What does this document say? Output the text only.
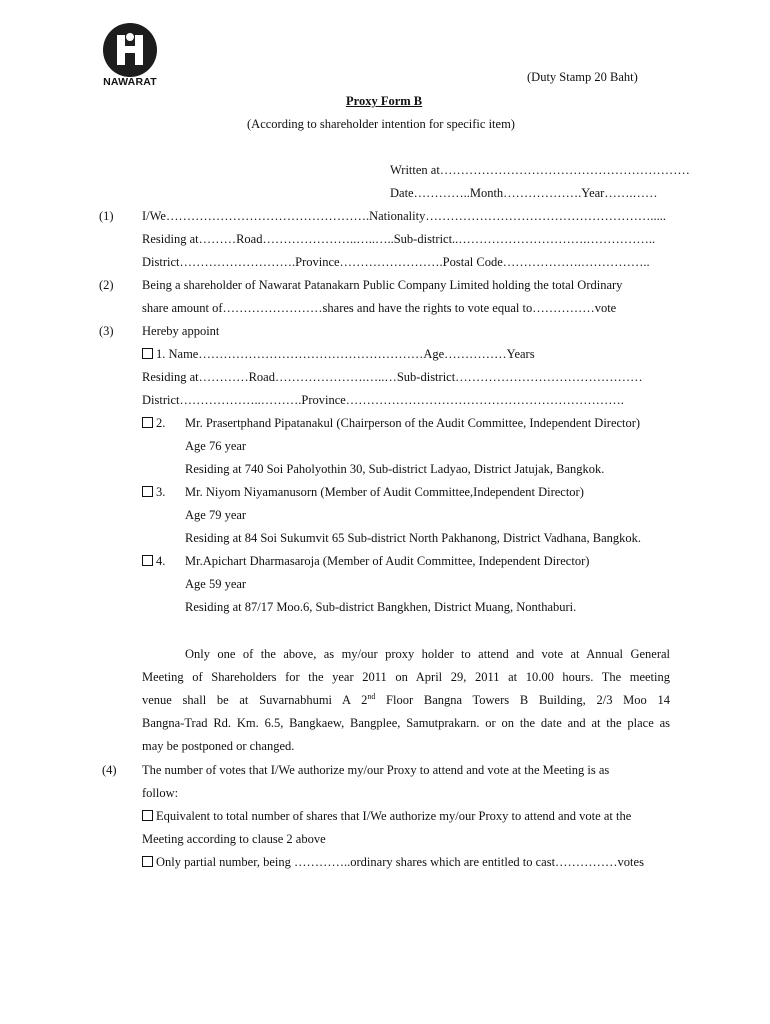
NAWARAT	(Duty Stamp 20 Baht)
Proxy Form B
(According to shareholder intention for specific item)
Written at……………………………………………………
Date…………..Month……………….Year…….……
(1) I/We………………………………………….Nationality……………………………………………….....
Residing at………Road…………………..…..…..Sub-district..………………………….……………..
District……………………….Province…………………….Postal Code……………….……………..
(2) Being a shareholder of Nawarat Patanakarn Public Company Limited holding the total Ordinary
share amount of……………………shares and have the rights to vote equal to……………vote
(3) Hereby appoint
1. Name………………………………………………Age……………Years
Residing at…………Road………………….…..…Sub-district………………………………………
District………………..……….Province………………………………………………………….
2. Mr. Prasertphand Pipatanakul (Chairperson of the Audit Committee, Independent Director)
Age 76 year
Residing at 740 Soi Paholyothin 30, Sub-district Ladyao, District Jatujak, Bangkok.
3. Mr. Niyom Niyamanusorn (Member of Audit Committee,Independent Director)
Age 79 year
Residing at 84 Soi Sukumvit 65 Sub-district North Pakhanong, District Vadhana, Bangkok.
4. Mr.Apichart Dharmasaroja (Member of Audit Committee, Independent Director)
Age 59 year
Residing at 87/17 Moo.6, Sub-district Bangkhen, District Muang, Nonthaburi.
Only one of the above, as my/our proxy holder to attend and vote at Annual General
Meeting of Shareholders for the year 2011 on April 29, 2011 at 10.00 hours. The meeting
venue shall be at Suvarnabhumi A 2nd Floor Bangna Towers B Building, 2/3 Moo 14
Bangna-Trad Rd. Km. 6.5, Bangkaew, Bangplee, Samutprakarn. or on the date and at the place as
may be postponed or changed.
(4) The number of votes that I/We authorize my/our Proxy to attend and vote at the Meeting is as
follow:
Equivalent to total number of shares that I/We authorize my/our Proxy to attend and vote at the
Meeting according to clause 2 above
Only partial number, being …………..ordinary shares which are entitled to cast……………votes
